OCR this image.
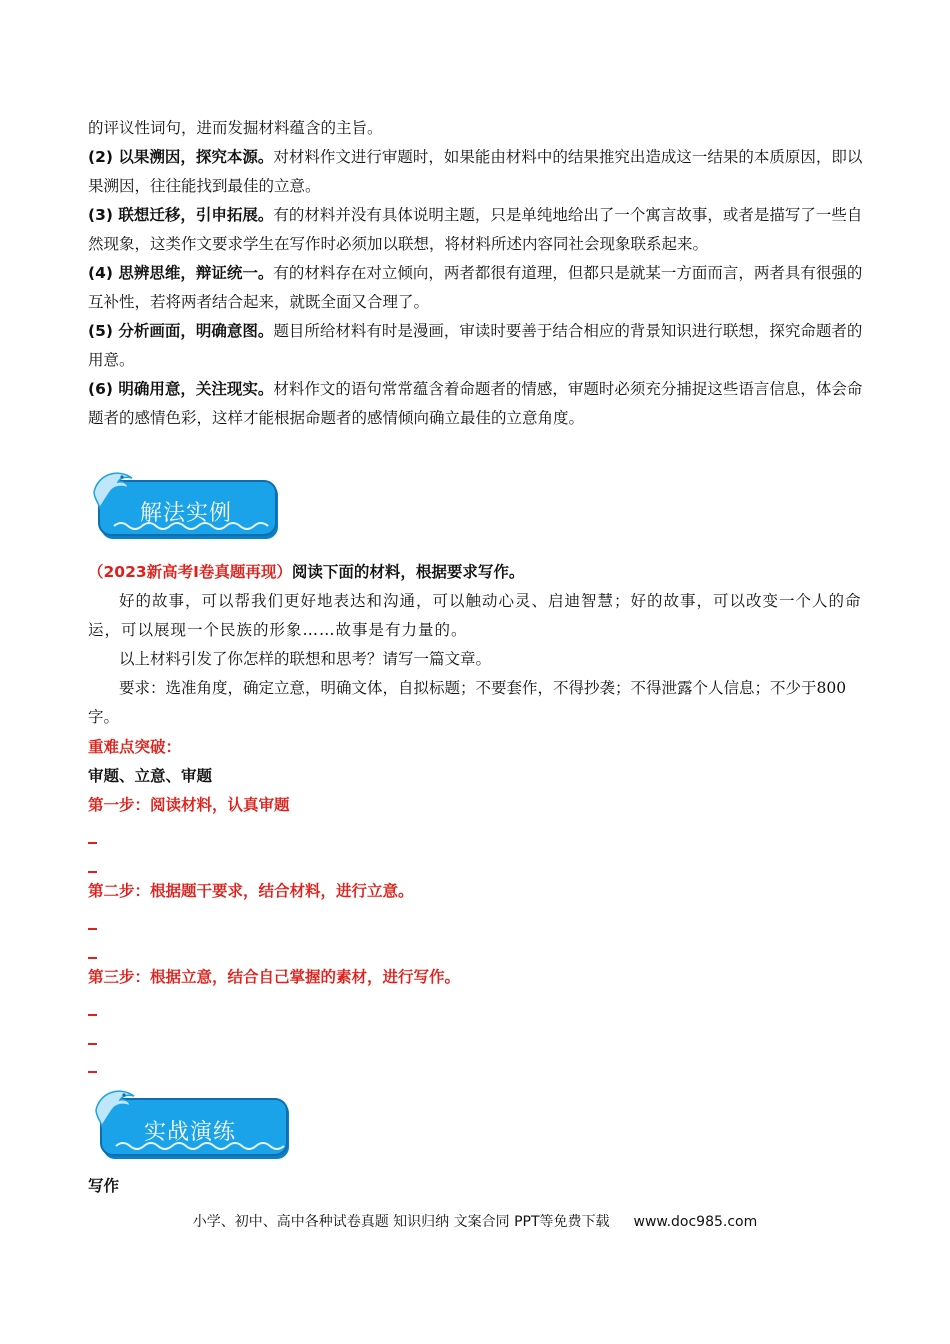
的评议性词句，进而发掘材料蕴含的主旨。

(2) 以果溯因，探究本源。对材料作文进行审题时，如果能由材料中的结果推究出造成这一结果的本质原因，即以果溯因，往往能找到最佳的立意。

(3) 联想迁移，引申拓展。有的材料并没有具体说明主题，只是单纯地给出了一个寓言故事，或者是描写了一些自然现象，这类作文要求学生在写作时必须加以联想，将材料所述内容同社会现象联系起来。

(4) 思辨思维，辩证统一。有的材料存在对立倾向，两者都很有道理，但都只是就某一方面而言，两者具有很强的互补性，若将两者结合起来，就既全面又合理了。

(5) 分析画面，明确意图。题目所给材料有时是漫画，审读时要善于结合相应的背景知识进行联想，探究命题者的用意。

(6) 明确用意，关注现实。材料作文的语句常常蕴含着命题者的情感，审题时必须充分捕捉这些语言信息，体会命题者的感情色彩，这样才能根据命题者的感情倾向确立最佳的立意角度。

解法实例

（2023新高考Ⅰ卷真题再现）阅读下面的材料，根据要求写作。

好的故事，可以帮我们更好地表达和沟通，可以触动心灵、启迪智慧；好的故事，可以改变一个人的命运，可以展现一个民族的形象……故事是有力量的。

以上材料引发了你怎样的联想和思考？请写一篇文章。

要求：选准角度，确定立意，明确文体，自拟标题；不要套作，不得抄袭；不得泄露个人信息；不少于800字。

重难点突破：

审题、立意、审题

第一步：阅读材料，认真审题

第二步：根据题干要求，结合材料，进行立意。

第三步：根据立意，结合自己掌握的素材，进行写作。

实战演练

写作

小学、初中、高中各种试卷真题 知识归纳 文案合同 PPT等免费下载 www.doc985.com
